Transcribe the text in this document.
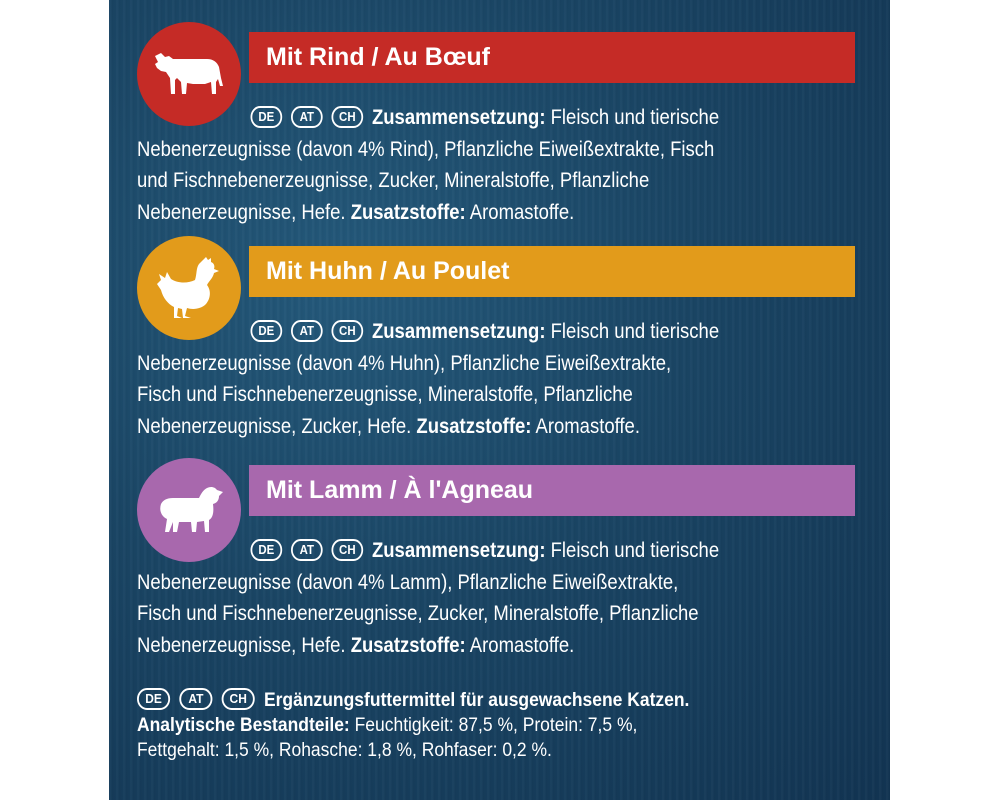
Mit Rind / Au Bœuf
DE AT CH Zusammensetzung: Fleisch und tierische
Nebenerzeugnisse (davon 4% Rind), Pflanzliche Eiweißextrakte, Fisch
und Fischnebenerzeugnisse, Zucker, Mineralstoffe, Pflanzliche
Nebenerzeugnisse, Hefe. Zusatzstoffe: Aromastoffe.
Mit Huhn / Au Poulet
DE AT CH Zusammensetzung: Fleisch und tierische
Nebenerzeugnisse (davon 4% Huhn), Pflanzliche Eiweißextrakte,
Fisch und Fischnebenerzeugnisse, Mineralstoffe, Pflanzliche
Nebenerzeugnisse, Zucker, Hefe. Zusatzstoffe: Aromastoffe.
Mit Lamm / À l'Agneau
DE AT CH Zusammensetzung: Fleisch und tierische
Nebenerzeugnisse (davon 4% Lamm), Pflanzliche Eiweißextrakte,
Fisch und Fischnebenerzeugnisse, Zucker, Mineralstoffe, Pflanzliche
Nebenerzeugnisse, Hefe. Zusatzstoffe: Aromastoffe.
DE AT CH Ergänzungsfuttermittel für ausgewachsene Katzen.
Analytische Bestandteile: Feuchtigkeit: 87,5 %, Protein: 7,5 %,
Fettgehalt: 1,5 %, Rohasche: 1,8 %, Rohfaser: 0,2 %.
